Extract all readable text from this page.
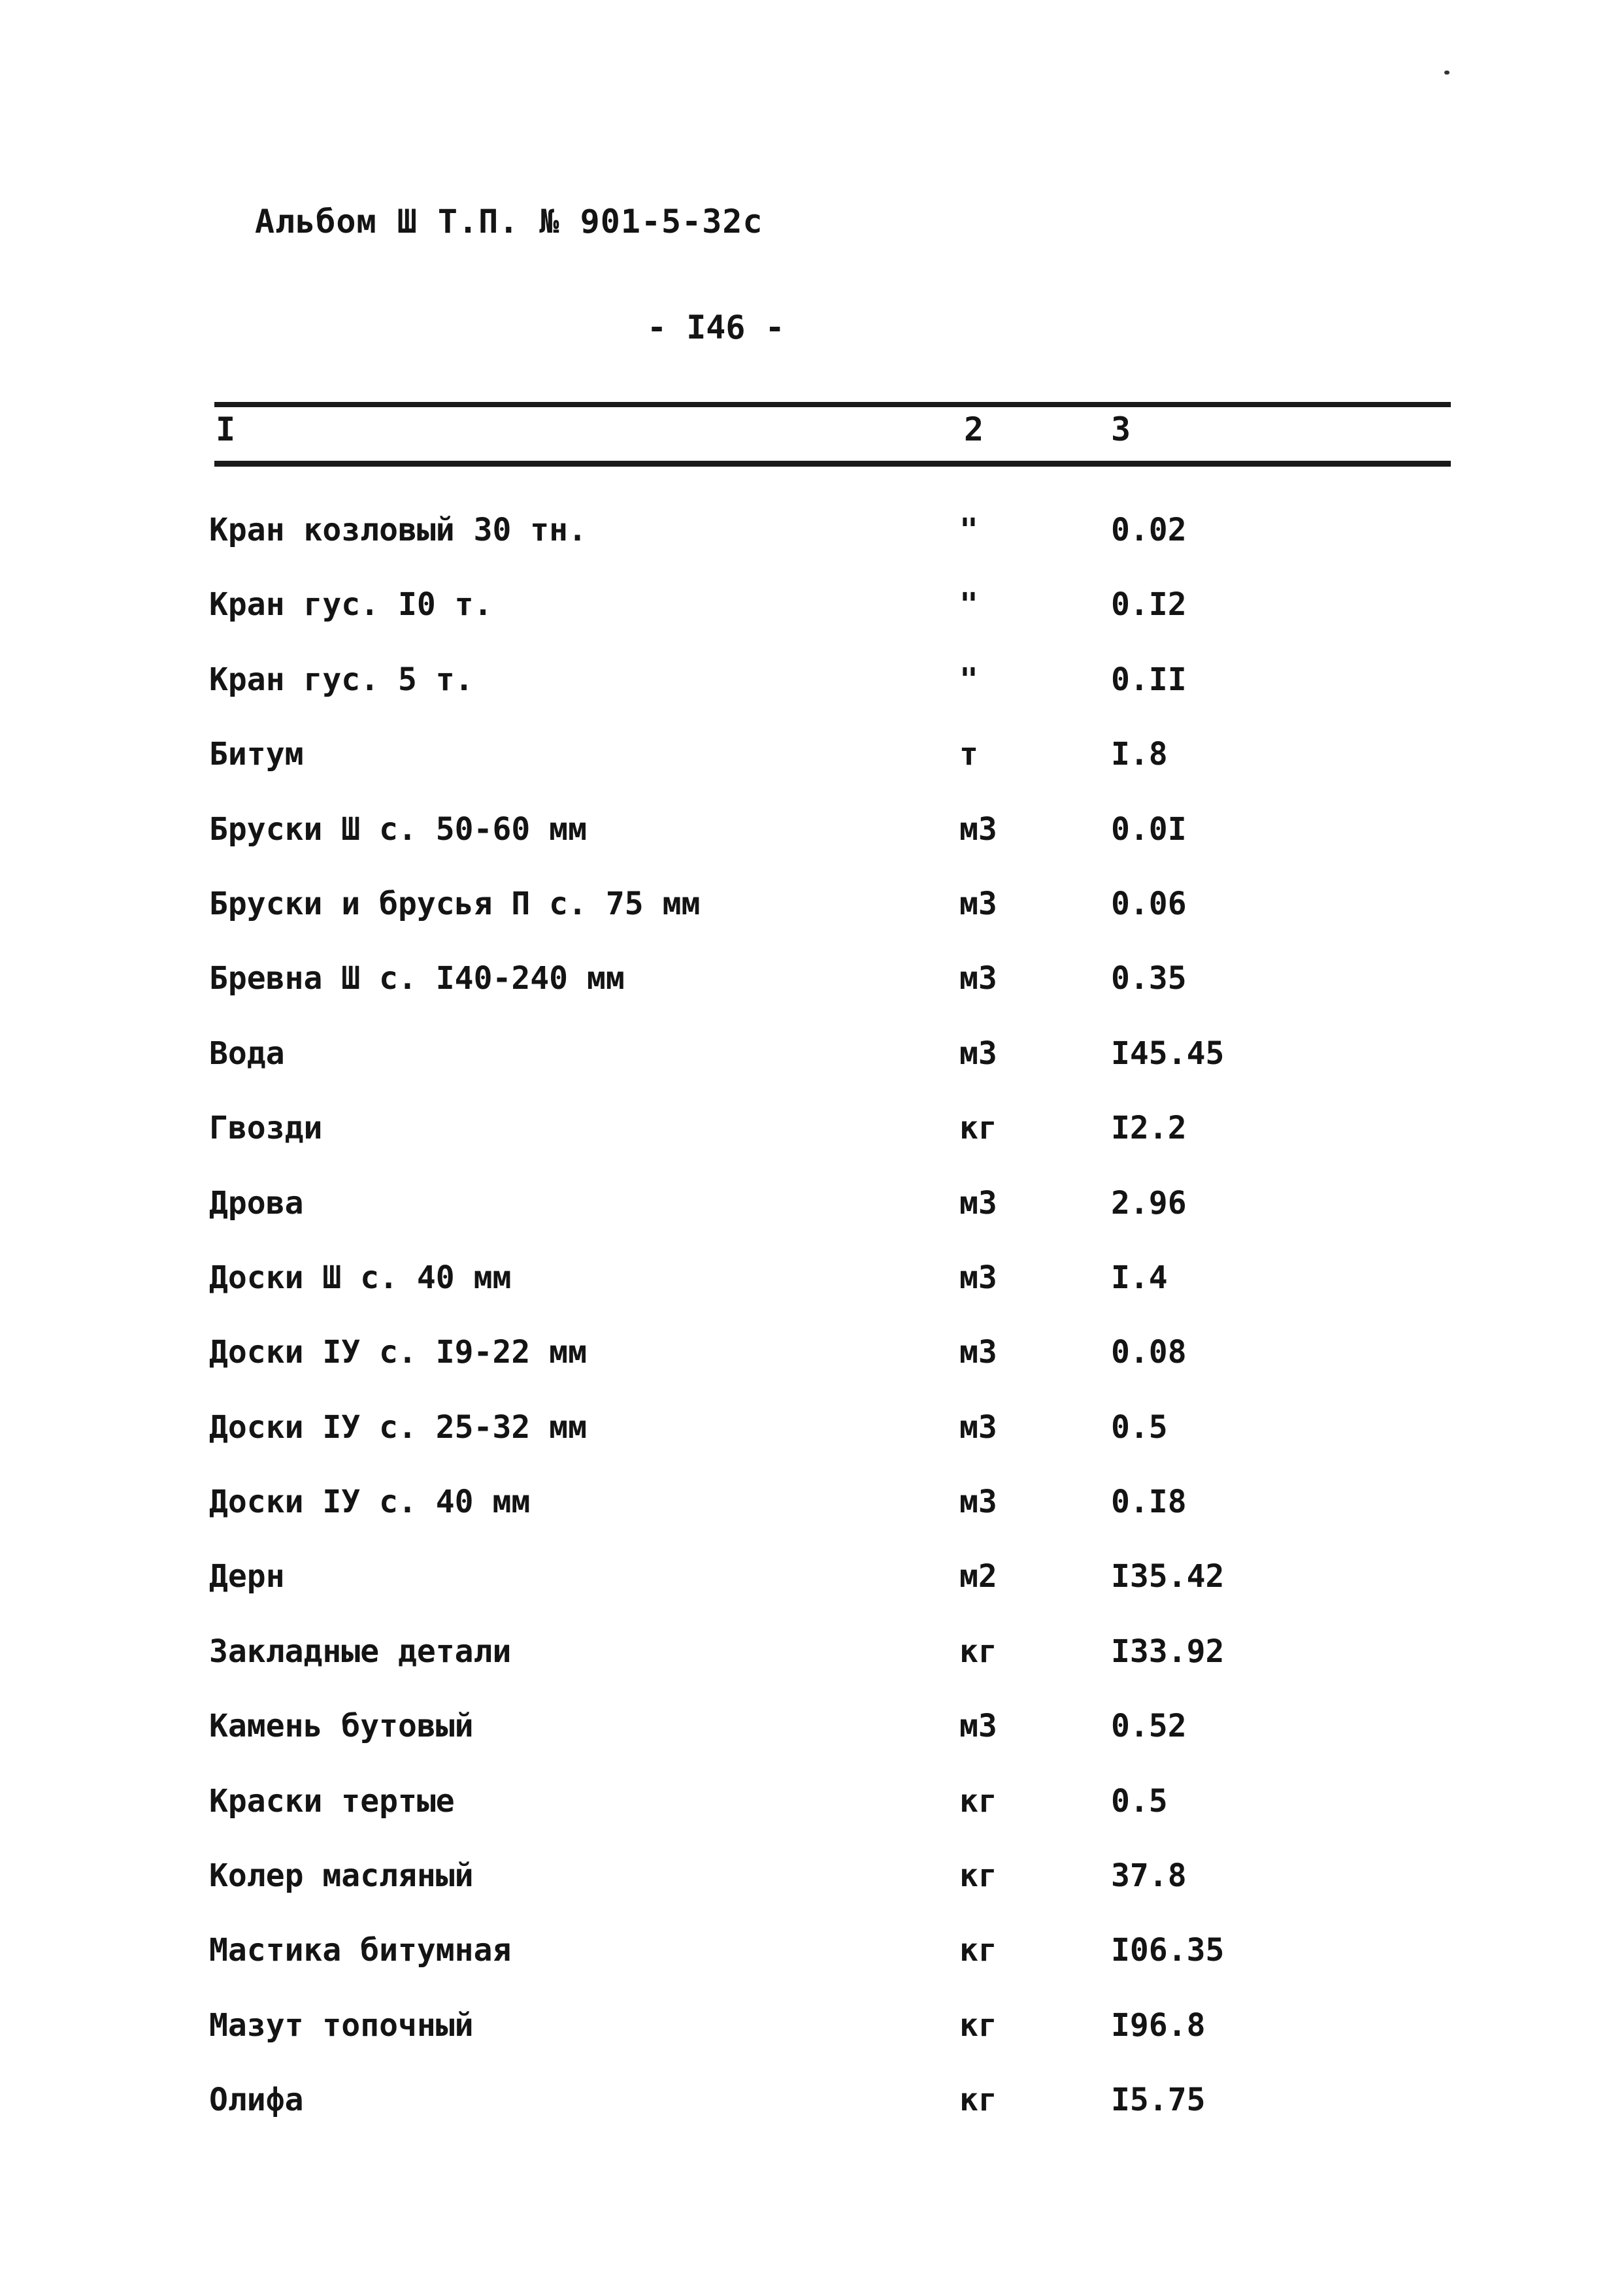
Альбом Ш Т.П. № 901-5-32с
- I46 -
I	2	3
Кран козловый 30 тн.	"	0.02
Кран гус. I0 т.	"	0.I2
Кран гус. 5 т.	"	0.II
Битум	т	I.8
Бруски Ш с. 50-60 мм	м3	0.0I
Бруски и брусья П с. 75 мм	м3	0.06
Бревна Ш с. I40-240 мм	м3	0.35
Вода	м3	I45.45
Гвозди	кг	I2.2
Дрова	м3	2.96
Доски Ш с. 40 мм	м3	I.4
Доски IУ с. I9-22 мм	м3	0.08
Доски IУ с. 25-32 мм	м3	0.5
Доски IУ с. 40 мм	м3	0.I8
Дерн	м2	I35.42
Закладные детали	кг	I33.92
Камень бутовый	м3	0.52
Краски тертые	кг	0.5
Колер масляный	кг	37.8
Мастика битумная	кг	I06.35
Мазут топочный	кг	I96.8
Олифа	кг	I5.75
